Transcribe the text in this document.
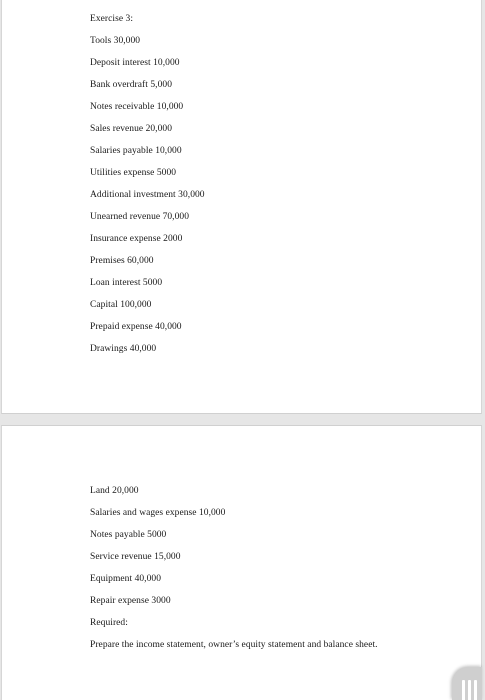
Exercise 3:
Tools 30,000
Deposit interest 10,000
Bank overdraft 5,000
Notes receivable 10,000
Sales revenue 20,000
Salaries payable 10,000
Utilities expense 5000
Additional investment 30,000
Unearned revenue 70,000
Insurance expense 2000
Premises 60,000
Loan interest 5000
Capital 100,000
Prepaid expense 40,000
Drawings 40,000
Land 20,000
Salaries and wages expense 10,000
Notes payable 5000
Service revenue 15,000
Equipment 40,000
Repair expense 3000
Required:
Prepare the income statement, owner’s equity statement and balance sheet.
